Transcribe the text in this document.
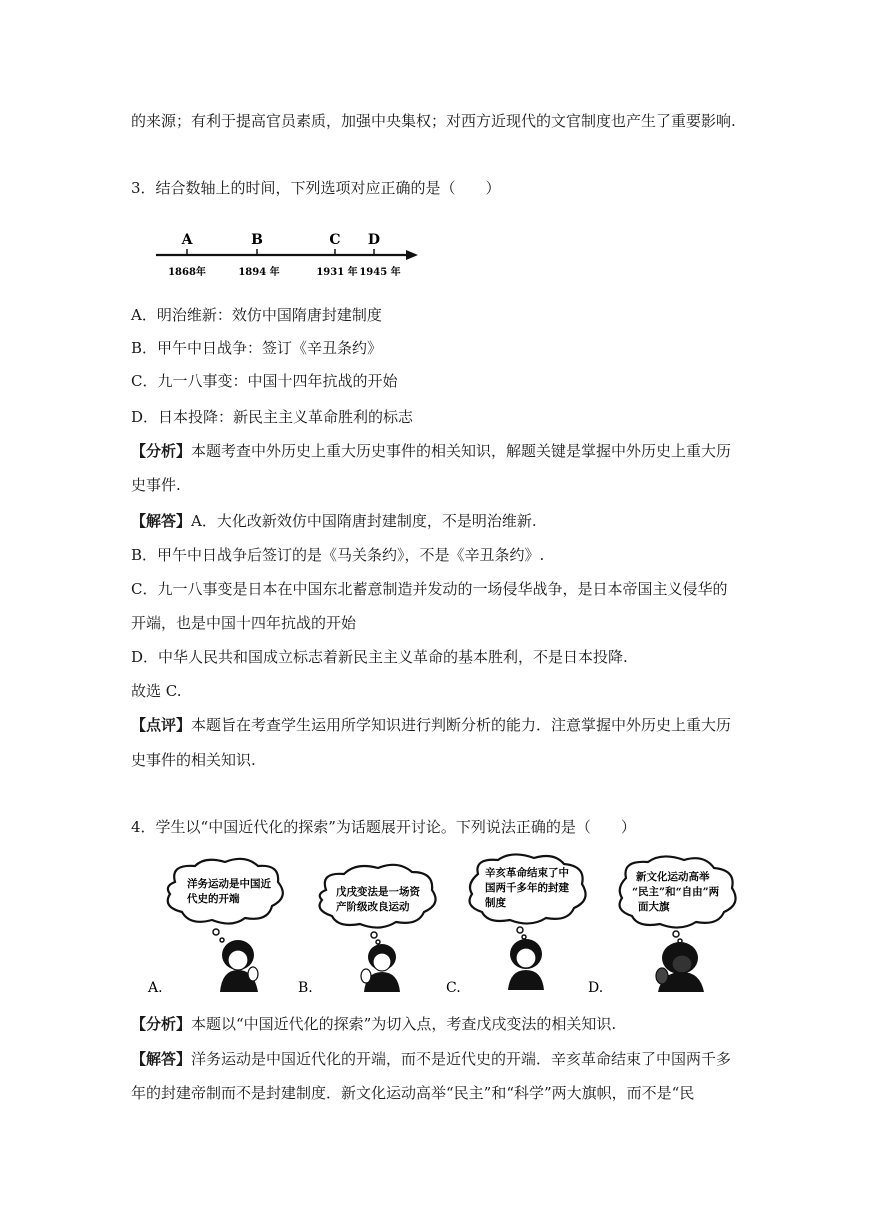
的来源；有利于提高官员素质，加强中央集权；对西方近现代的文官制度也产生了重要影响.
3．结合数轴上的时间，下列选项对应正确的是（　　）
A
1868年
B
1894 年
C
1931 年
D
1945 年
A．明治维新：效仿中国隋唐封建制度
B．甲午中日战争：签订《辛丑条约》
C．九一八事变：中国十四年抗战的开始
D．日本投降：新民主主义革命胜利的标志
【分析】本题考查中外历史上重大历史事件的相关知识，解题关键是掌握中外历史上重大历
史事件.
【解答】A．大化改新效仿中国隋唐封建制度，不是明治维新.
B．甲午中日战争后签订的是《马关条约》，不是《辛丑条约》.
C．九一八事变是日本在中国东北蓄意制造并发动的一场侵华战争，是日本帝国主义侵华的
开端，也是中国十四年抗战的开始
D．中华人民共和国成立标志着新民主主义革命的基本胜利，不是日本投降.
故选 C.
【点评】本题旨在考查学生运用所学知识进行判断分析的能力．注意掌握中外历史上重大历
史事件的相关知识.
4．学生以“中国近代化的探索”为话题展开讨论。下列说法正确的是（　　）
洋务运动是中国近
代史的开端
A.
戊戌变法是一场资
产阶级改良运动
B.
辛亥革命结束了中
国两千多年的封建
制度
C.
新文化运动高举
“民主”和“自由”两
面大旗
D.
【分析】本题以“中国近代化的探索”为切入点，考查戊戌变法的相关知识.
【解答】洋务运动是中国近代化的开端，而不是近代史的开端．辛亥革命结束了中国两千多
年的封建帝制而不是封建制度．新文化运动高举“民主”和“科学”两大旗帜，而不是“民
